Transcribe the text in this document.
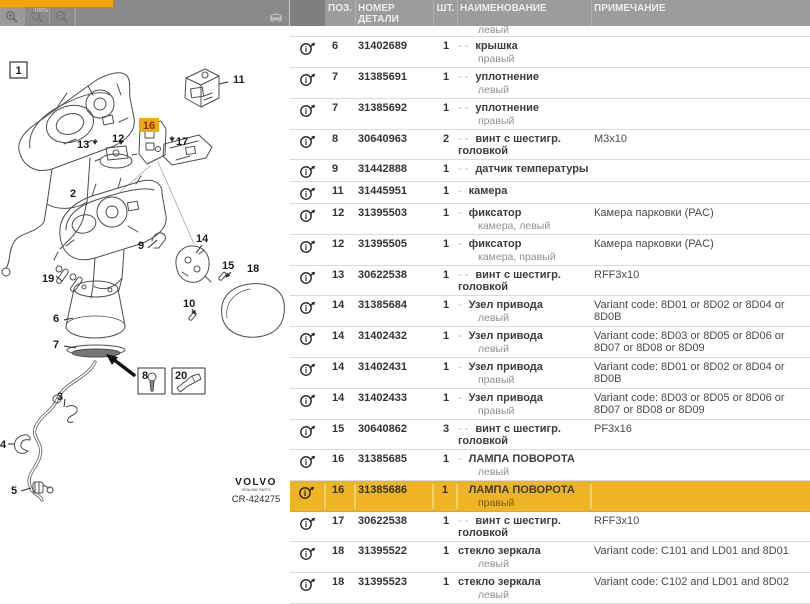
100%
1
11
13 12
16
17
2
9
14
19
15 18
10
6
7
8 20
3
4
5
VOLVO
GENUINE PARTS
CR-424275
ПОЗ. НОМЕР ДЕТАЛИ
ШТ. НАИМЕНОВАНИЕ	ПРИМЕЧАНИЕ
левый
i	6	31402689	1 -- крышка
правый
i	7	31385691	1 -- уплотнение
левый
i	7	31385692	1 -- уплотнение
правый
i	8	30640963	2 -- винт с шестигр. головкой
M3x10
i	9	31442888	1 -- датчик температуры
i	11	31445951	1 - камера
i	12	31395503	1 - фиксатор
камера, левый
Камера парковки (PAC)
i	12	31395505	1 - фиксатор
камера, правый
Камера парковки (PAC)
i	13	30622538	1 -- винт с шестигр. головкой
RFF3x10
i	14	31385684	1 - Узел привода
левый
Variant code: 8D01 or 8D02 or 8D04 or 8D0B
i	14	31402432	1 - Узел привода
левый
Variant code: 8D03 or 8D05 or 8D06 or 8D07 or 8D08 or 8D09
i	14	31402431	1 - Узел привода
правый
Variant code: 8D01 or 8D02 or 8D04 or 8D0B
i	14	31402433	1 - Узел привода
правый
Variant code: 8D03 or 8D05 or 8D06 or 8D07 or 8D08 or 8D09
i	15	30640862	3 -- винт с шестигр. головкой
PF3x16
i	16	31385685	1 - ЛАМПА ПОВОРОТА
левый
i	16	31385686	1 - ЛАМПА ПОВОРОТА
правый
i	17	30622538	1 -- винт с шестигр. головкой
RFF3x10
i	18	31395522	1 стекло зеркала
левый
Variant code: C101 and LD01 and 8D01
i	18	31395523	1 стекло зеркала
левый
Variant code: C102 and LD01 and 8D02
